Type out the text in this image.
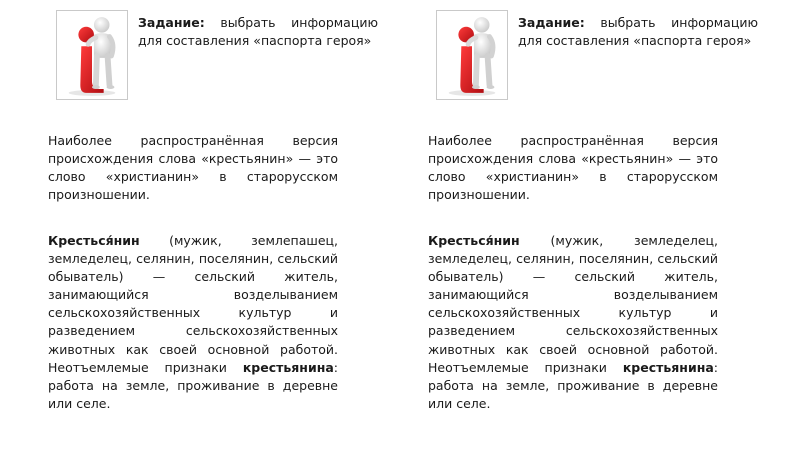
Задание: выбрать информацию для составления «паспорта героя»

Наиболее распространённая версия происхождения слова «крестьянин» — это слово «христианин» в старорусском произношении.

Кресться́нин (мужик, землепашец, земледелец, селянин, поселянин, сельский обыватель) — сельский житель, занимающийся возделыванием сельскохозяйственных культур и разведением сельскохозяйственных животных как своей основной работой. Неотъемлемые признаки крестьянина: работа на земле, проживание в деревне или селе.

Задание: выбрать информацию для составления «паспорта героя»

Наиболее распространённая версия происхождения слова «крестьянин» — это слово «христианин» в старорусском произношении.

Кресться́нин (мужик, земледелец, земледелец, селянин, поселянин, сельский обыватель) — сельский житель, занимающийся возделыванием сельскохозяйственных культур и разведением сельскохозяйственных животных как своей основной работой. Неотъемлемые признаки крестьянина: работа на земле, проживание в деревне или селе.
